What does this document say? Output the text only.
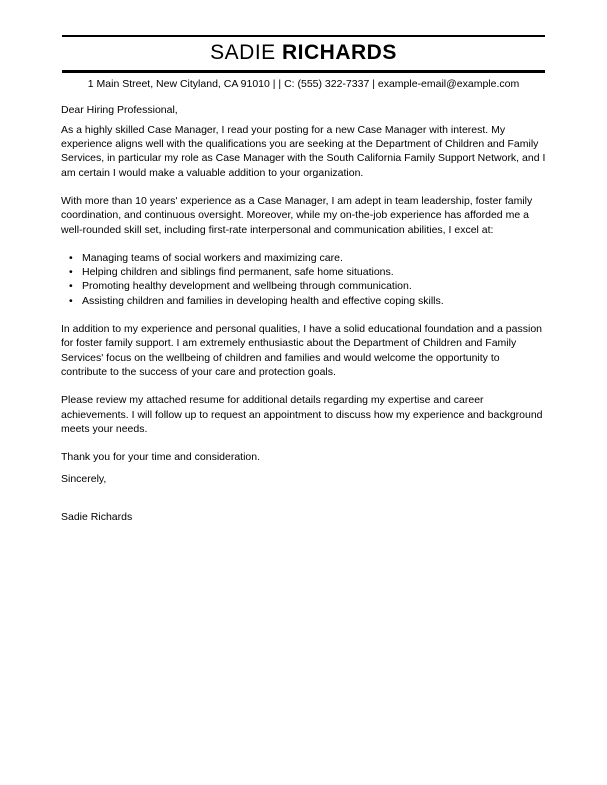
SADIE RICHARDS
1 Main Street, New Cityland, CA 91010 | | C: (555) 322-7337 | example-email@example.com
Dear Hiring Professional,

As a highly skilled Case Manager, I read your posting for a new Case Manager with interest. My experience aligns well with the qualifications you are seeking at the Department of Children and Family Services, in particular my role as Case Manager with the South California Family Support Network, and I am certain I would make a valuable addition to your organization.

With more than 10 years' experience as a Case Manager, I am adept in team leadership, foster family coordination, and continuous oversight. Moreover, while my on-the-job experience has afforded me a well-rounded skill set, including first-rate interpersonal and communication abilities, I excel at:

• Managing teams of social workers and maximizing care.
• Helping children and siblings find permanent, safe home situations.
• Promoting healthy development and wellbeing through communication.
• Assisting children and families in developing health and effective coping skills.

In addition to my experience and personal qualities, I have a solid educational foundation and a passion for foster family support. I am extremely enthusiastic about the Department of Children and Family Services' focus on the wellbeing of children and families and would welcome the opportunity to contribute to the success of your care and protection goals.

Please review my attached resume for additional details regarding my expertise and career achievements. I will follow up to request an appointment to discuss how my experience and background meets your needs.

Thank you for your time and consideration.
Sincerely,
Sadie Richards
